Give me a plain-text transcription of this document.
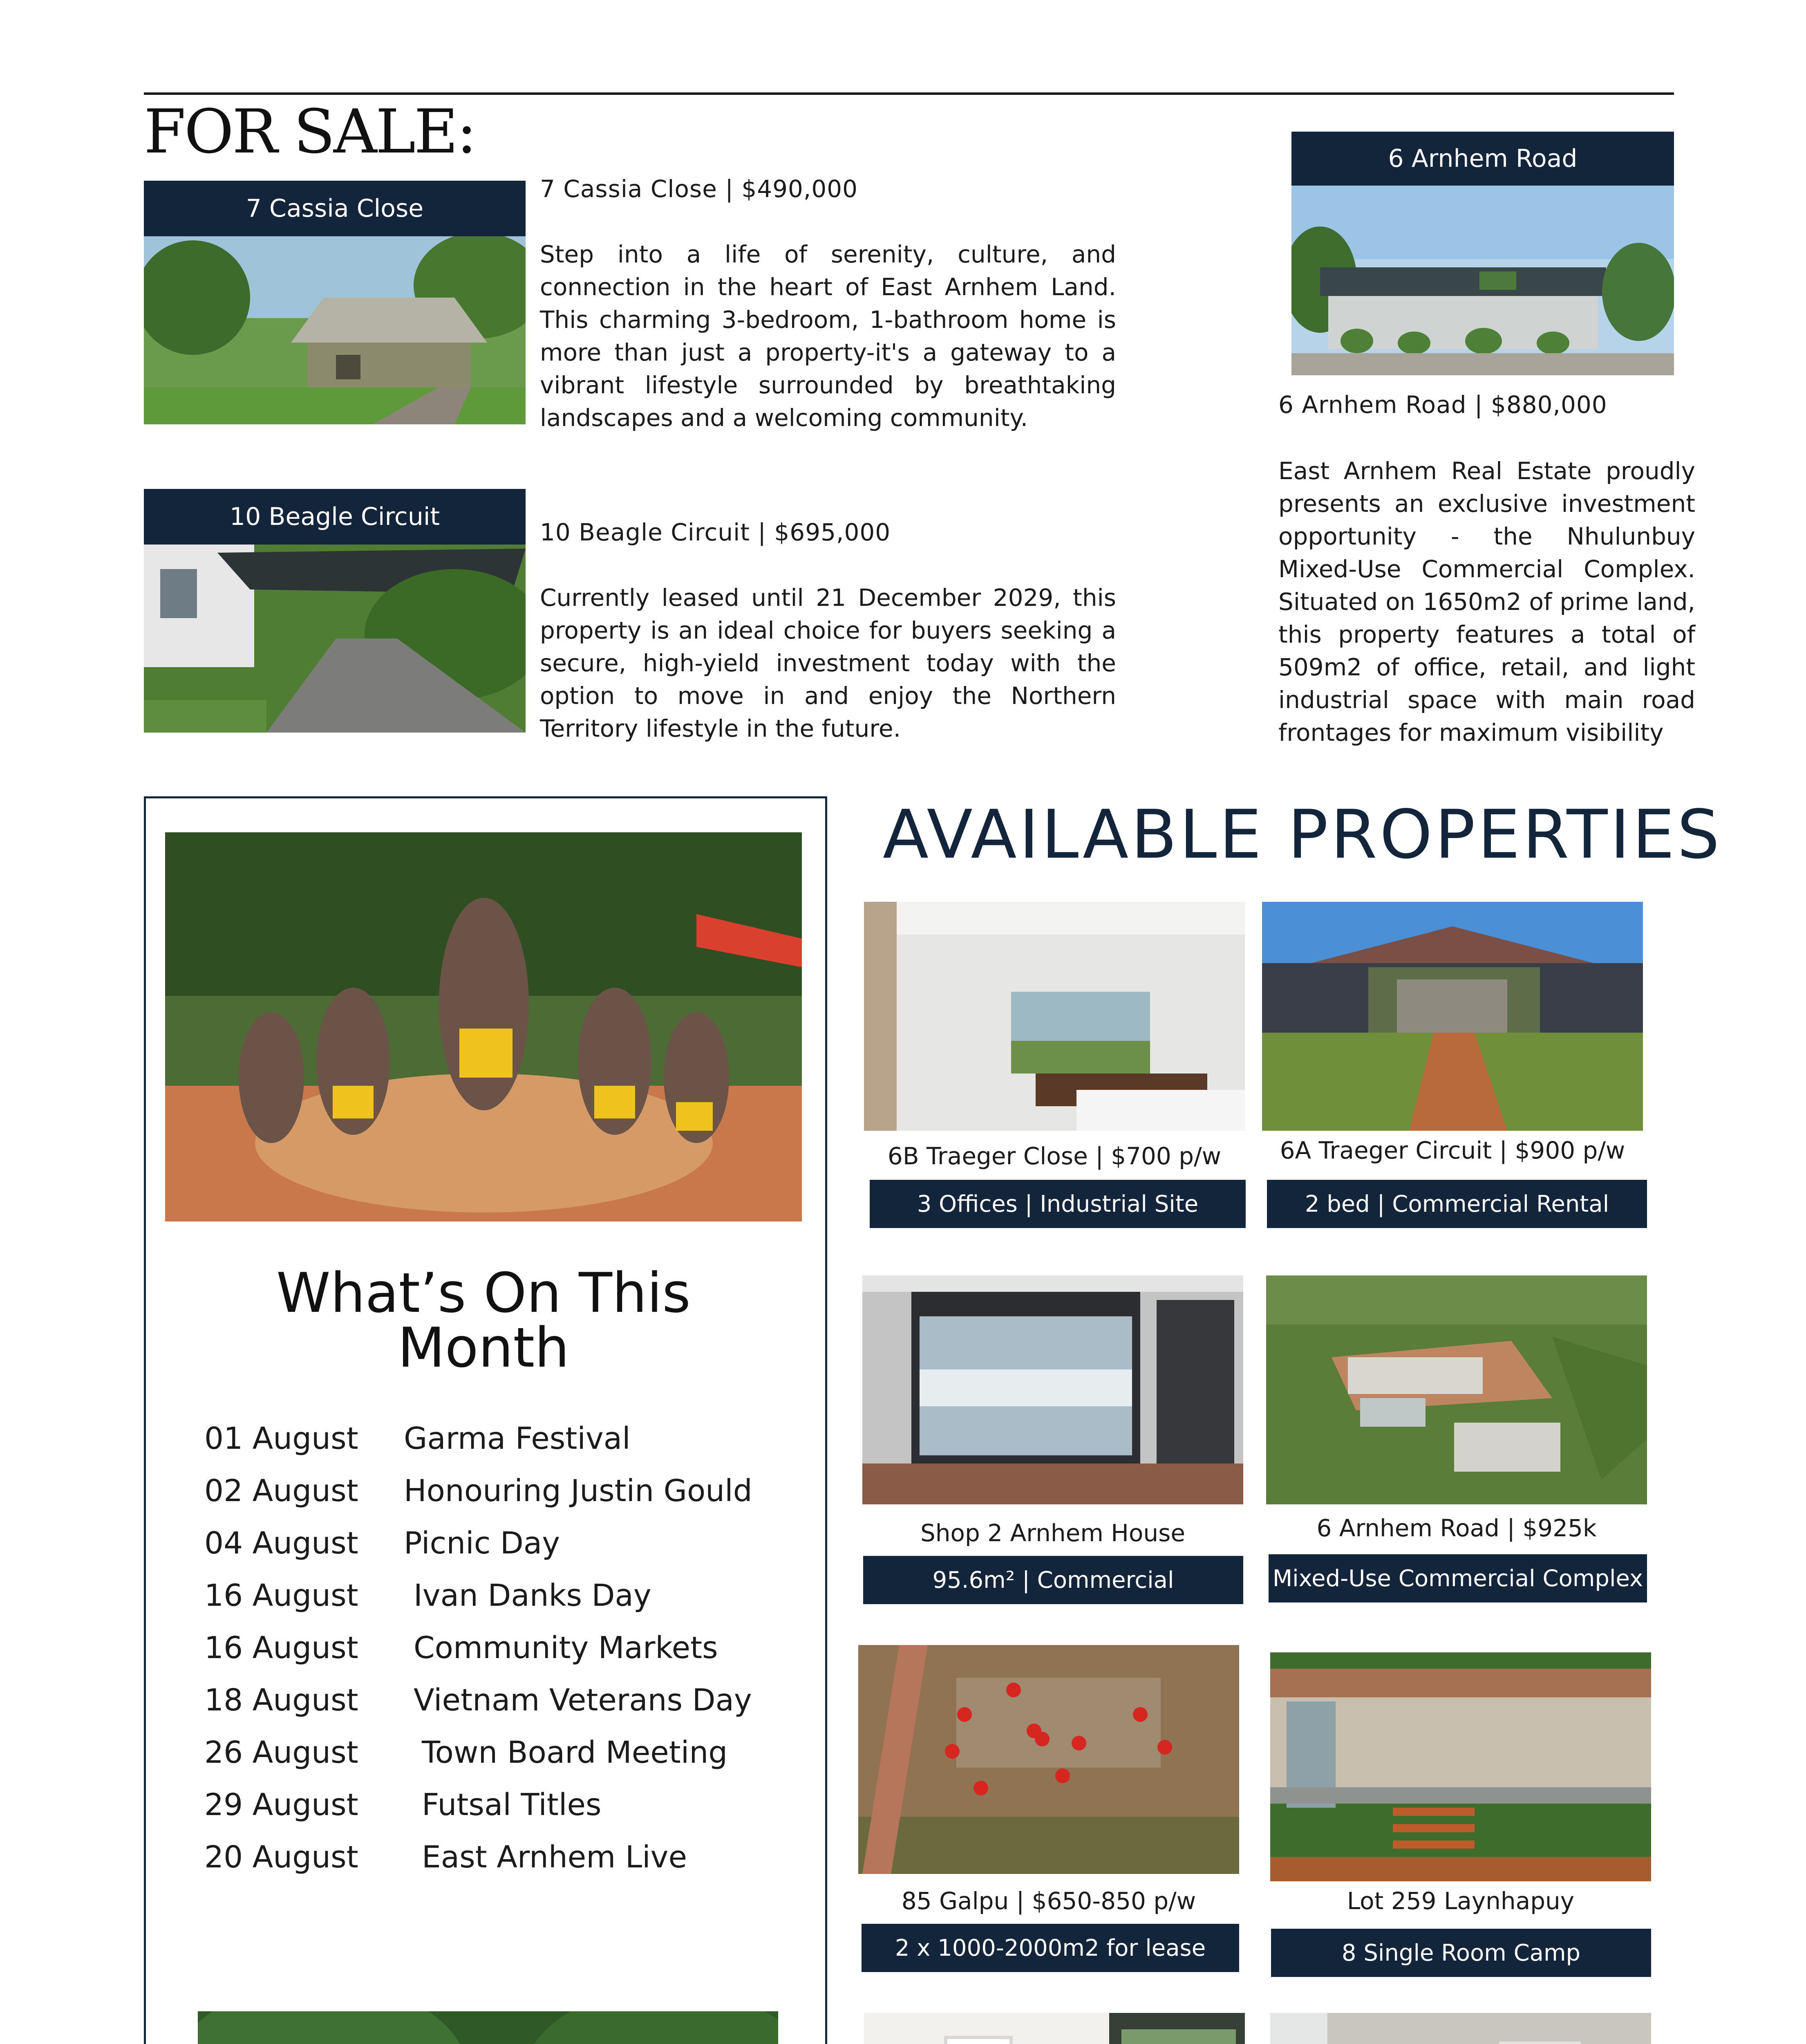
FOR SALE:
7 Cassia Close
7 Cassia Close | $490,000
Step into a life of serenity, culture, and connection in the heart of East Arnhem Land. This charming 3-bedroom, 1-bathroom home is more than just a property-it's a gateway to a vibrant lifestyle surrounded by breathtaking landscapes and a welcoming community.
10 Beagle Circuit
10 Beagle Circuit | $695,000
Currently leased until 21 December 2029, this property is an ideal choice for buyers seeking a secure, high-yield investment today with the option to move in and enjoy the Northern Territory lifestyle in the future.
6 Arnhem Road
6 Arnhem Road | $880,000
East Arnhem Real Estate proudly presents an exclusive investment opportunity - the Nhulunbuy Mixed-Use Commercial Complex. Situated on 1650m2 of prime land, this property features a total of 509m2 of office, retail, and light industrial space with main road frontages for maximum visibility
What’s On This
Month
01 August Garma Festival
02 August Honouring Justin Gould
04 August Picnic Day
16 August Ivan Danks Day
16 August Community Markets
18 August Vietnam Veterans Day
26 August Town Board Meeting
29 August Futsal Titles
20 August East Arnhem Live
AVAILABLE PROPERTIES
6B Traeger Close | $700 p/w	6A Traeger Circuit | $900 p/w
3 Offices | Industrial Site	2 bed | Commercial Rental
Shop 2 Arnhem House	6 Arnhem Road | $925k
95.6m² | Commercial	Mixed-Use Commercial Complex
85 Galpu | $650-850 p/w	Lot 259 Laynhapuy
2 x 1000-2000m2 for lease	8 Single Room Camp
